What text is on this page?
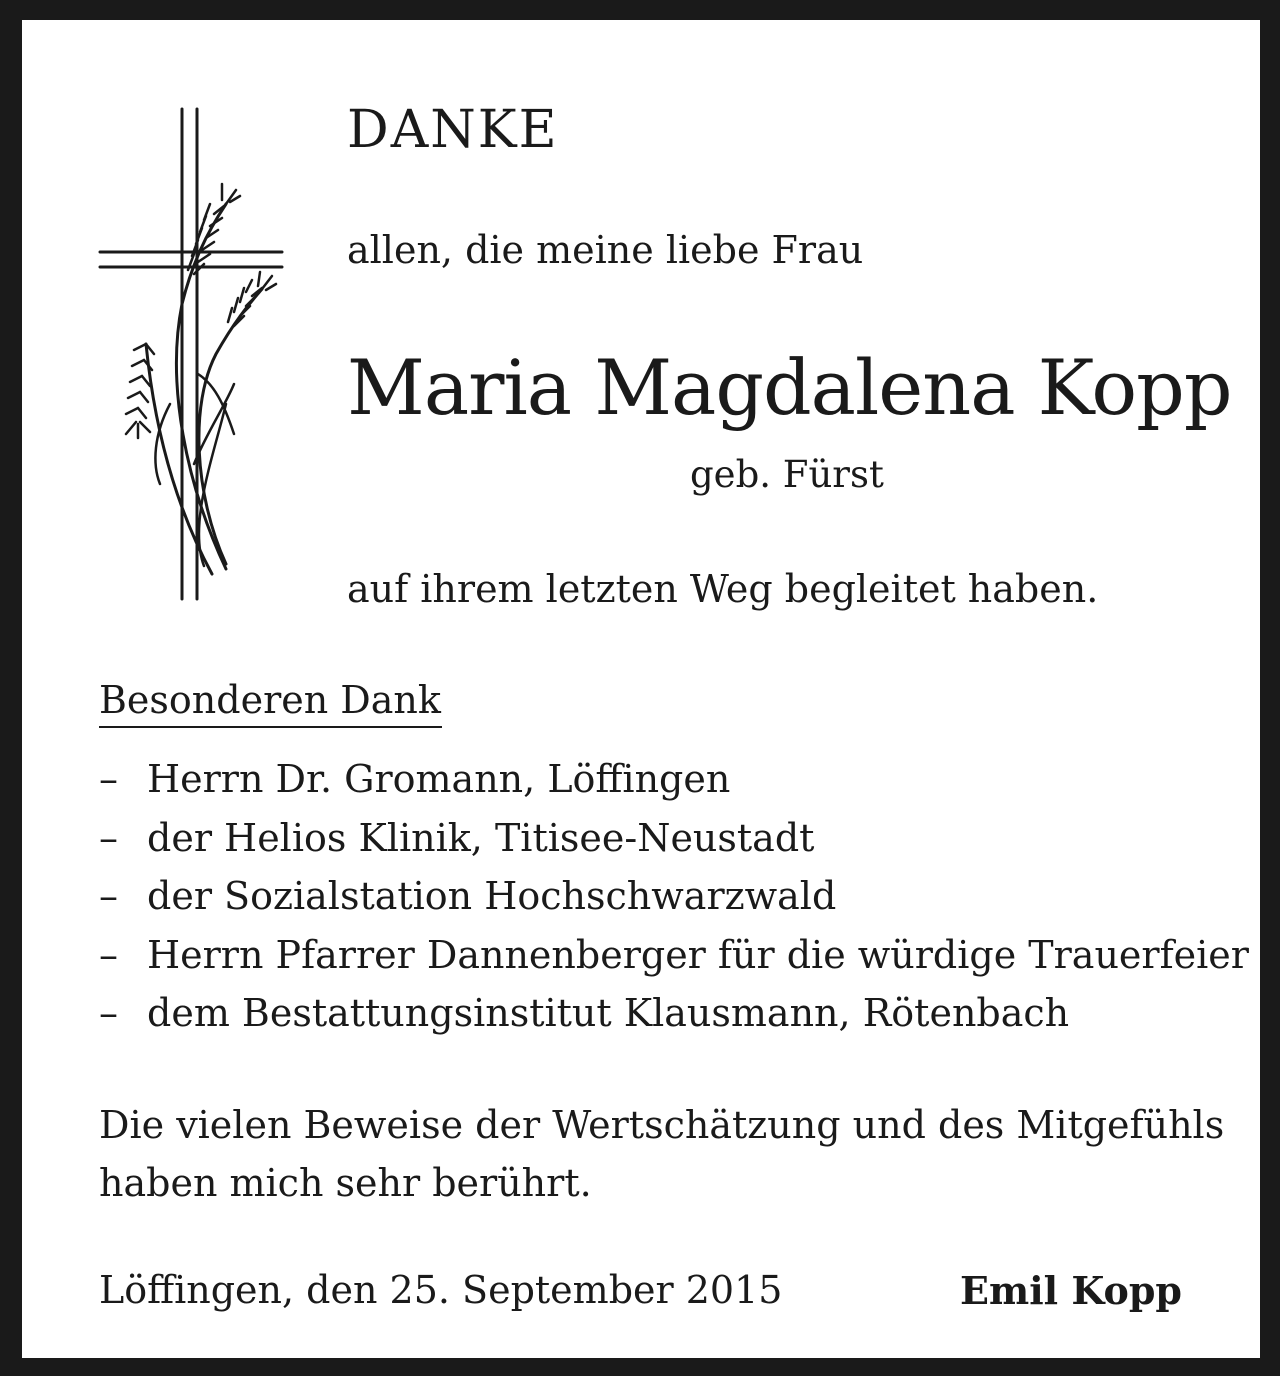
DANKE
allen, die meine liebe Frau
Maria Magdalena Kopp
geb. Fürst
auf ihrem letzten Weg begleitet haben.
Besonderen Dank
– Herrn Dr. Gromann, Löffingen
– der Helios Klinik, Titisee-Neustadt
– der Sozialstation Hochschwarzwald
– Herrn Pfarrer Dannenberger für die würdige Trauerfeier
– dem Bestattungsinstitut Klausmann, Rötenbach
Die vielen Beweise der Wertschätzung und des Mitgefühls
haben mich sehr berührt.
Löffingen, den 25. September 2015	Emil Kopp
